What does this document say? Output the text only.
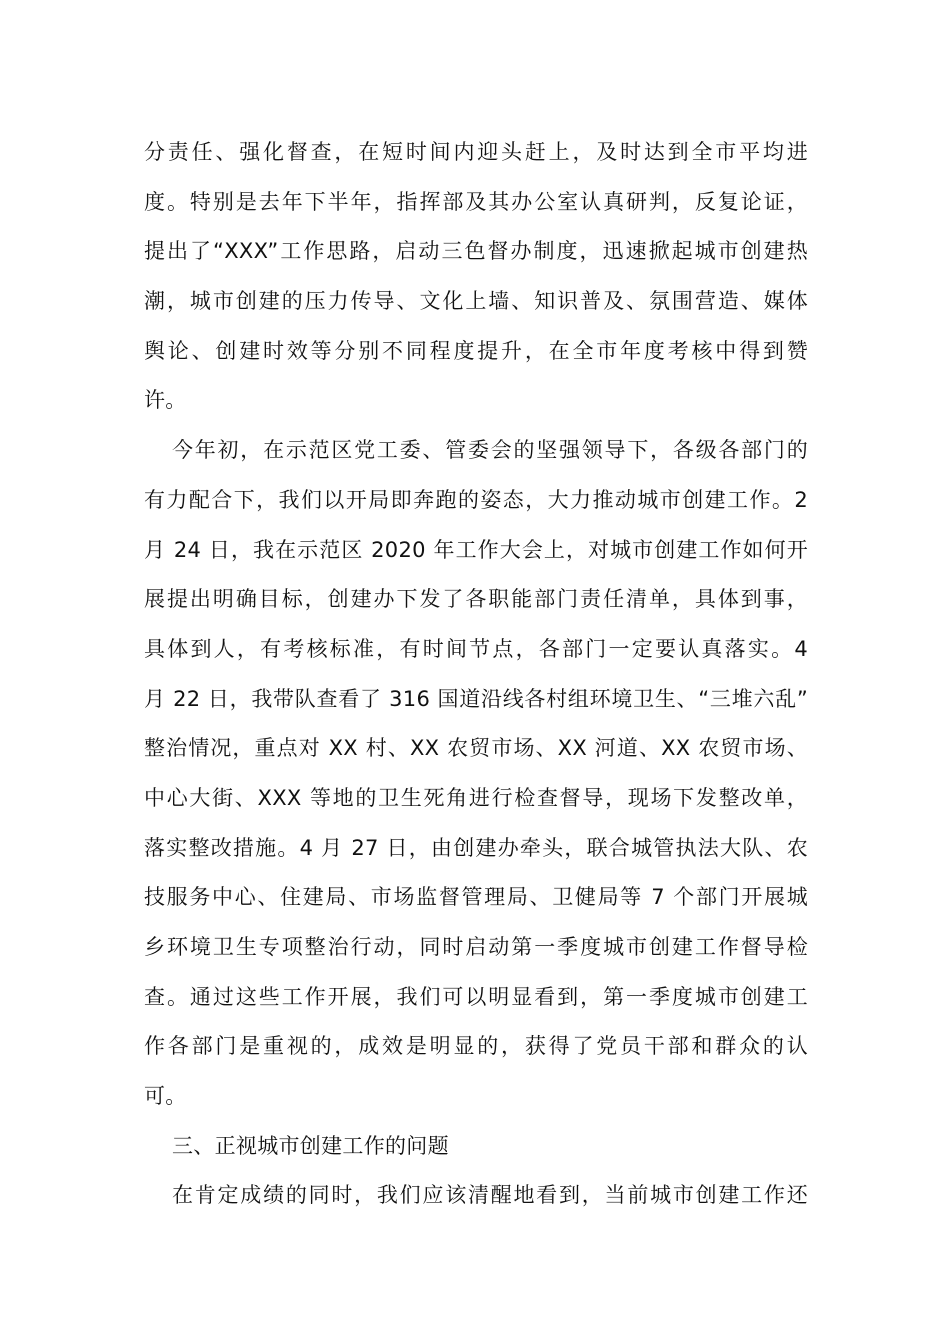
分责任、强化督查，在短时间内迎头赶上，及时达到全市平均进
度。特别是去年下半年，指挥部及其办公室认真研判，反复论证，
提出了“XXX”工作思路，启动三色督办制度，迅速掀起城市创建热
潮，城市创建的压力传导、文化上墙、知识普及、氛围营造、媒体
舆论、创建时效等分别不同程度提升，在全市年度考核中得到赞
许。
今年初，在示范区党工委、管委会的坚强领导下，各级各部门的
有力配合下，我们以开局即奔跑的姿态，大力推动城市创建工作。2
月 24 日，我在示范区 2020 年工作大会上，对城市创建工作如何开
展提出明确目标，创建办下发了各职能部门责任清单，具体到事，
具体到人，有考核标准，有时间节点，各部门一定要认真落实。4
月 22 日，我带队查看了 316 国道沿线各村组环境卫生、“三堆六乱”
整治情况，重点对 XX 村、XX 农贸市场、XX 河道、XX 农贸市场、
中心大街、XXX 等地的卫生死角进行检查督导，现场下发整改单，
落实整改措施。4 月 27 日，由创建办牵头，联合城管执法大队、农
技服务中心、住建局、市场监督管理局、卫健局等 7 个部门开展城
乡环境卫生专项整治行动，同时启动第一季度城市创建工作督导检
查。通过这些工作开展，我们可以明显看到，第一季度城市创建工
作各部门是重视的，成效是明显的，获得了党员干部和群众的认
可。
三、正视城市创建工作的问题
在肯定成绩的同时，我们应该清醒地看到，当前城市创建工作还
